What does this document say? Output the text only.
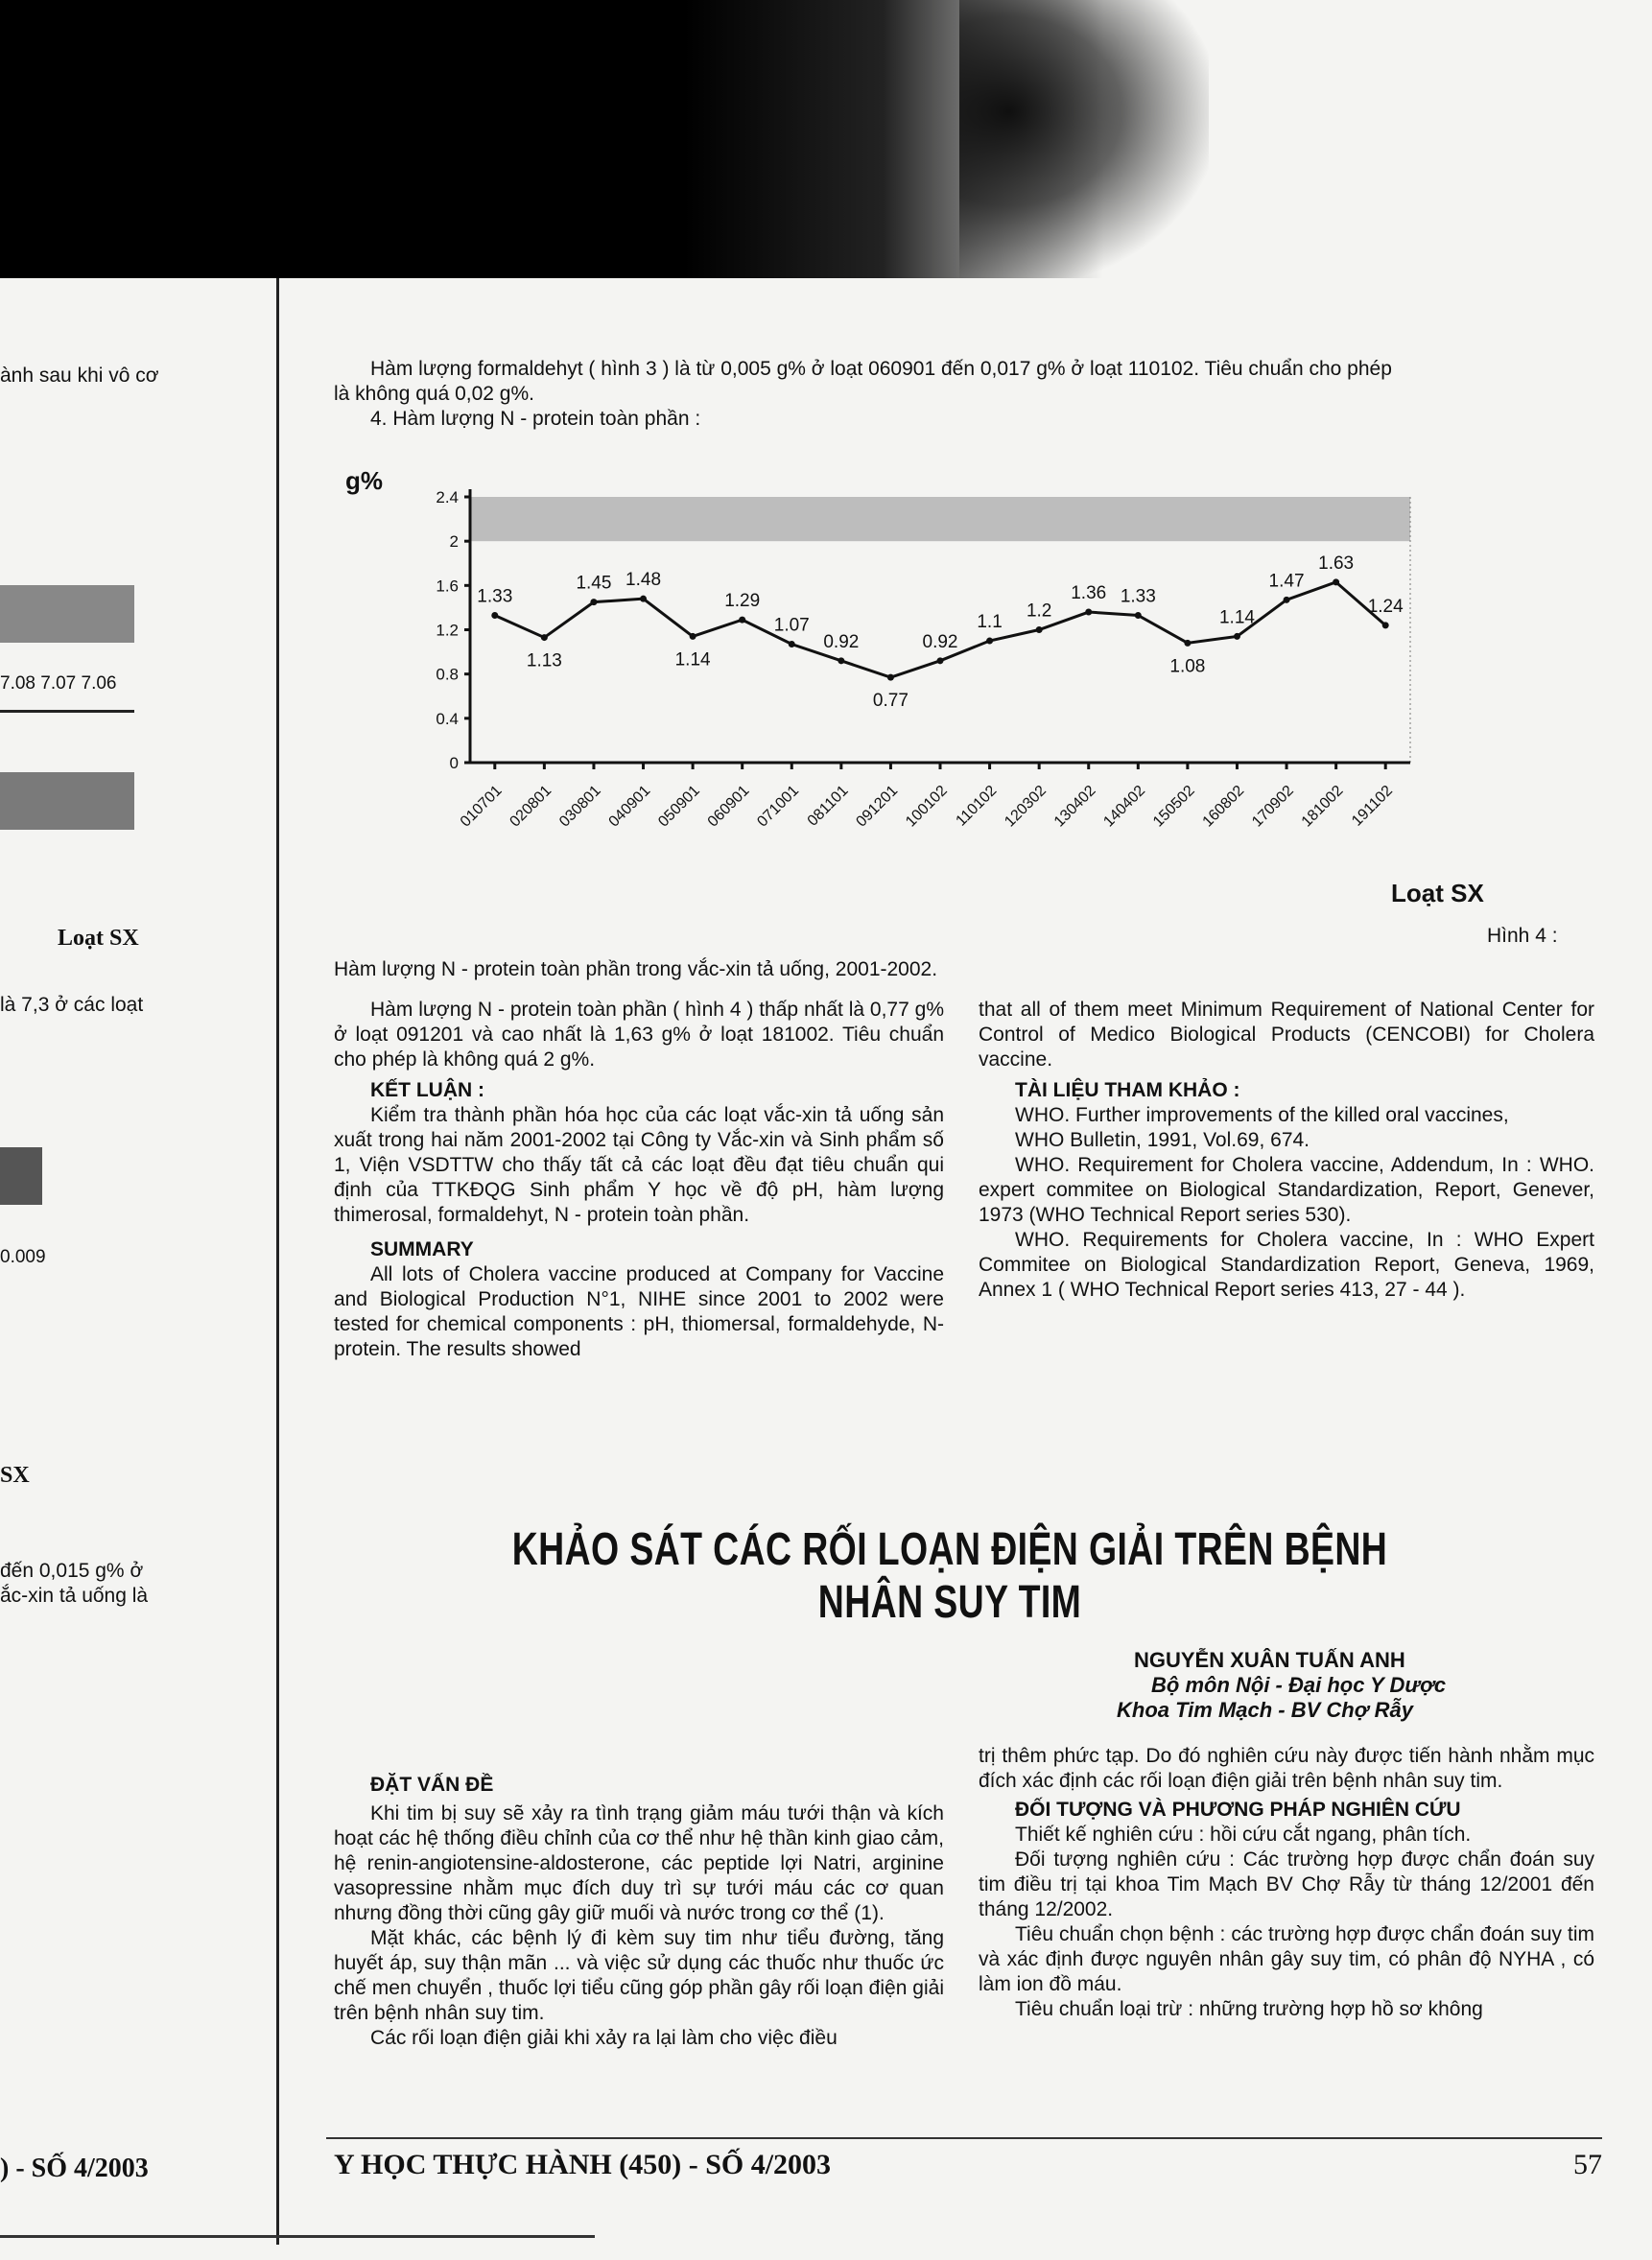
ành sau khi vô cơ
7.08 7.07 7.06
Loạt SX
là 7,3 ở các loạt
0.009
SX
đến 0,015 g% ở
ắc-xin tả uống là
) - SỐ 4/2003
Hàm lượng formaldehyt ( hình 3 ) là từ 0,005 g% ở loạt 060901 đến 0,017 g% ở loạt 110102. Tiêu chuẩn cho phép
là không quá 0,02 g%.
4. Hàm lượng N - protein toàn phần :
0
0.4
0.8
1.2
1.6
2
2.4
g%
010701 020801 030801 040901 050901 060901 071001 081101 091201 100102 110102 120302 130402 140402 150502 160802 170902 181002 191102
Loạt SX
1.33
1.13
1.45 1.48
1.14
1.29
1.07
0.92
0.77
0.92
1.1
1.2
1.36 1.33
1.08
1.14
1.47
1.63
1.24
Hình 4 :
Hàm lượng N - protein toàn phần trong vắc-xin tả uống, 2001-2002.

Hàm lượng N - protein toàn phần ( hình 4 ) thấp nhất là 0,77 g% ở loạt 091201 và cao nhất là 1,63 g% ở loạt 181002. Tiêu chuẩn cho phép là không quá 2 g%.

KẾT LUẬN :

Kiểm tra thành phần hóa học của các loạt vắc-xin tả uống sản xuất trong hai năm 2001-2002 tại Công ty Vắc-xin và Sinh phẩm số 1, Viện VSDTTW cho thấy tất cả các loạt đều đạt tiêu chuẩn qui định của TTKĐQG Sinh phẩm Y học về độ pH, hàm lượng thimerosal, formaldehyt, N - protein toàn phần.

SUMMARY

All lots of Cholera vaccine produced at Company for Vaccine and Biological Production N°1, NIHE since 2001 to 2002 were tested for chemical components : pH, thiomersal, formaldehyde, N-protein. The results showed

that all of them meet Minimum Requirement of National Center for Control of Medico Biological Products (CENCOBI) for Cholera vaccine.

TÀI LIỆU THAM KHẢO :

WHO. Further improvements of the killed oral vaccines,

WHO Bulletin, 1991, Vol.69, 674.

WHO. Requirement for Cholera vaccine, Addendum, In : WHO. expert commitee on Biological Standardization, Report, Genever, 1973 (WHO Technical Report series 530).

WHO. Requirements for Cholera vaccine, In : WHO Expert Commitee on Biological Standardization Report, Geneva, 1969, Annex 1 ( WHO Technical Report series 413, 27 - 44 ).

KHẢO SÁT CÁC RỐI LOẠN ĐIỆN GIẢI TRÊN BỆNH NHÂN SUY TIM
NGUYỄN XUÂN TUẤN ANH
Bộ môn Nội - Đại học Y Dược
Khoa Tim Mạch - BV Chợ Rẫy

ĐẶT VẤN ĐỀ

Khi tim bị suy sẽ xảy ra tình trạng giảm máu tưới thận và kích hoạt các hệ thống điều chỉnh của cơ thể như hệ thần kinh giao cảm, hệ renin-angiotensine-aldosterone, các peptide lợi Natri, arginine vasopressine nhằm mục đích duy trì sự tưới máu các cơ quan nhưng đồng thời cũng gây giữ muối và nước trong cơ thể (1).

Mặt khác, các bệnh lý đi kèm suy tim như tiểu đường, tăng huyết áp, suy thận mãn ... và việc sử dụng các thuốc như thuốc ức chế men chuyển , thuốc lợi tiểu cũng góp phần gây rối loạn điện giải trên bệnh nhân suy tim.

Các rối loạn điện giải khi xảy ra lại làm cho việc điều

trị thêm phức tạp. Do đó nghiên cứu này được tiến hành nhằm mục đích xác định các rối loạn điện giải trên bệnh nhân suy tim.

ĐỐI TƯỢNG VÀ PHƯƠNG PHÁP NGHIÊN CỨU

Thiết kế nghiên cứu : hồi cứu cắt ngang, phân tích.

Đối tượng nghiên cứu : Các trường hợp được chẩn đoán suy tim điều trị tại khoa Tim Mạch BV Chợ Rẫy từ tháng 12/2001 đến tháng 12/2002.

Tiêu chuẩn chọn bệnh : các trường hợp được chẩn đoán suy tim và xác định được nguyên nhân gây suy tim, có phân độ NYHA , có làm ion đồ máu.

Tiêu chuẩn loại trừ : những trường hợp hồ sơ không

Y HỌC THỰC HÀNH (450) - SỐ 4/2003	57
